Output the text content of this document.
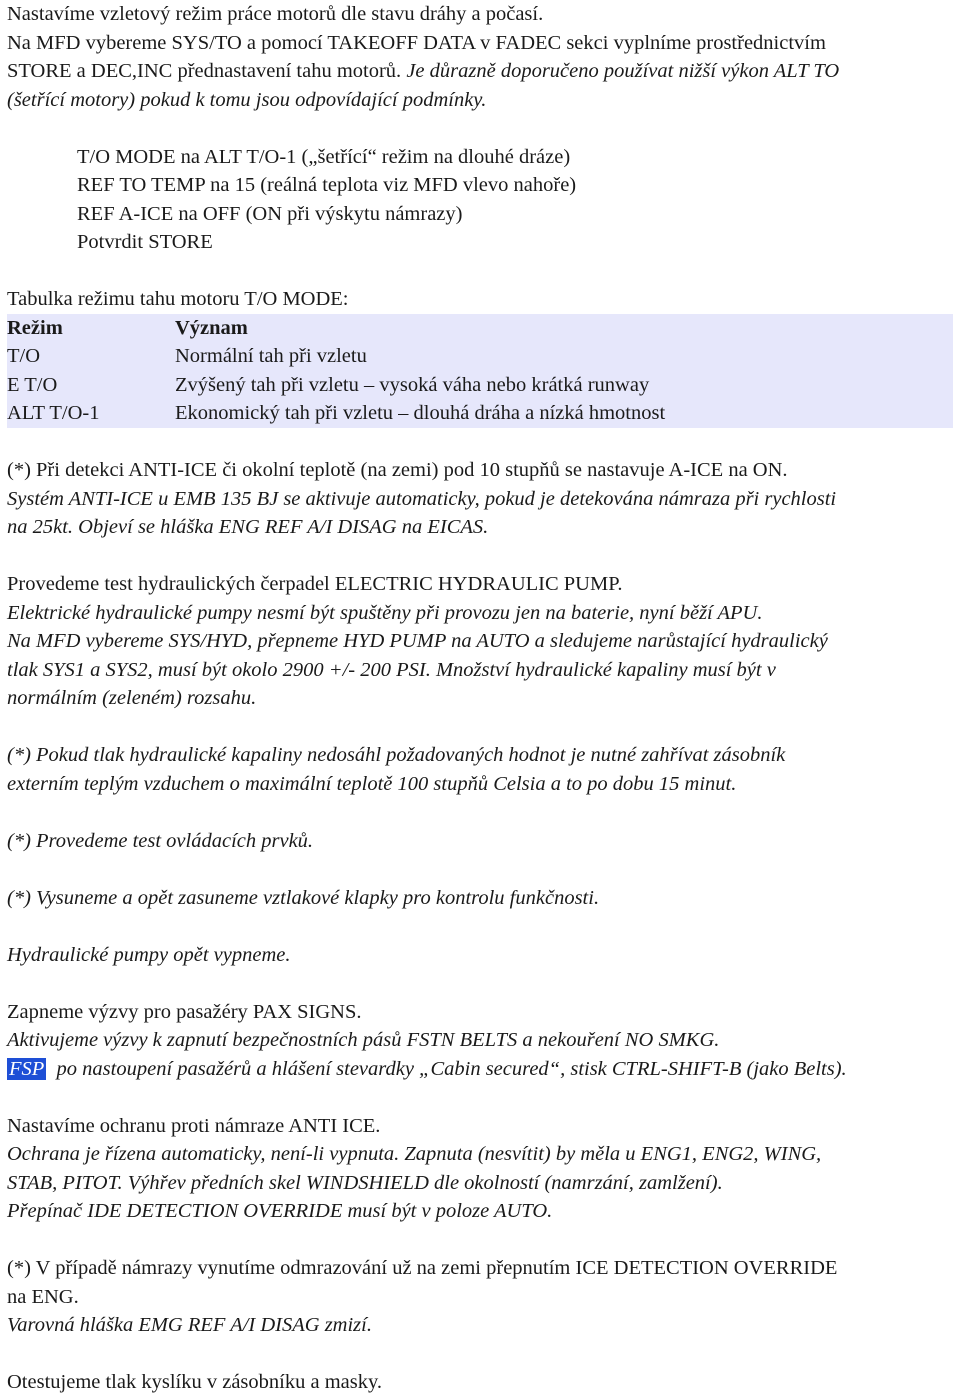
Nastavíme vzletový režim práce motorů dle stavu dráhy a počasí.
Na MFD vybereme SYS/TO a pomocí TAKEOFF DATA v FADEC sekci vyplníme prostřednictvím
STORE a DEC,INC přednastavení tahu motorů. Je důrazně doporučeno používat nižší výkon ALT TO
(šetřící motory) pokud k tomu jsou odpovídající podmínky.
T/O MODE na ALT T/O-1 („šetřící“ režim na dlouhé dráze)
REF TO TEMP na 15 (reálná teplota viz MFD vlevo nahoře)
REF A-ICE na OFF (ON při výskytu námrazy)
Potvrdit STORE
Tabulka režimu tahu motoru T/O MODE:
Režim	Význam
T/O	Normální tah při vzletu
E T/O	Zvýšený tah při vzletu – vysoká váha nebo krátká runway
ALT T/O-1	Ekonomický tah při vzletu – dlouhá dráha a nízká hmotnost
(*) Při detekci ANTI-ICE či okolní teplotě (na zemi) pod 10 stupňů se nastavuje A-ICE na ON.
Systém ANTI-ICE u EMB 135 BJ se aktivuje automaticky, pokud je detekována námraza při rychlosti
na 25kt. Objeví se hláška ENG REF A/I DISAG na EICAS.
Provedeme test hydraulických čerpadel ELECTRIC HYDRAULIC PUMP.
Elektrické hydraulické pumpy nesmí být spuštěny při provozu jen na baterie, nyní běží APU.
Na MFD vybereme SYS/HYD, přepneme HYD PUMP na AUTO a sledujeme narůstající hydraulický
tlak SYS1 a SYS2, musí být okolo 2900 +/- 200 PSI. Množství hydraulické kapaliny musí být v
normálním (zeleném) rozsahu.
(*) Pokud tlak hydraulické kapaliny nedosáhl požadovaných hodnot je nutné zahřívat zásobník
externím teplým vzduchem o maximální teplotě 100 stupňů Celsia a to po dobu 15 minut.
(*) Provedeme test ovládacích prvků.
(*) Vysuneme a opět zasuneme vztlakové klapky pro kontrolu funkčnosti.
Hydraulické pumpy opět vypneme.
Zapneme výzvy pro pasažéry PAX SIGNS.
Aktivujeme výzvy k zapnutí bezpečnostních pásů FSTN BELTS a nekouření NO SMKG.
FSP  po nastoupení pasažérů a hlášení stevardky „Cabin secured“, stisk CTRL-SHIFT-B (jako Belts).
Nastavíme ochranu proti námraze ANTI ICE.
Ochrana je řízena automaticky, není-li vypnuta. Zapnuta (nesvítit) by měla u ENG1, ENG2, WING,
STAB, PITOT. Výhřev předních skel WINDSHIELD dle okolností (namrzání, zamlžení).
Přepínač IDE DETECTION OVERRIDE musí být v poloze AUTO.
(*) V případě námrazy vynutíme odmrazování už na zemi přepnutím ICE DETECTION OVERRIDE
na ENG.
Varovná hláška EMG REF A/I DISAG zmizí.
Otestujeme tlak kyslíku v zásobníku a masky.
